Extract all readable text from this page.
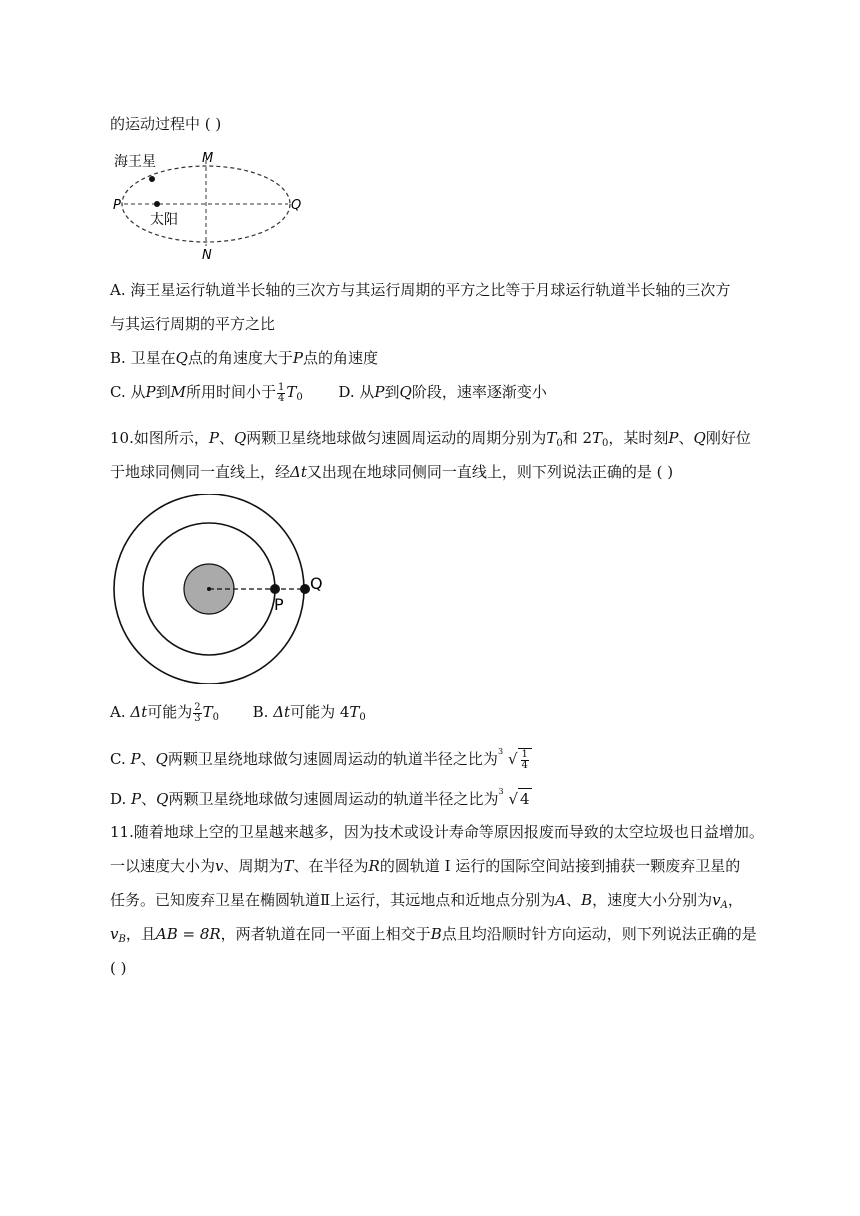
的运动过程中 ( )
海王星
太阳
M
N
P	Q
A. 海王星运行轨道半长轴的三次方与其运行周期的平方之比等于月球运行轨道半长轴的三次方
与其运行周期的平方之比
B. 卫星在Q点的角速度大于P点的角速度
C. 从P到M所用时间小于 $\frac{1}{4} T_0$ D. 从P到Q阶段，速率逐渐变小
10.如图所示，P、Q两颗卫星绕地球做匀速圆周运动的周期分别为$T_0$和 $2T_0$，某时刻P、Q刚好位
于地球同侧同一直线上，经Δt又出现在地球同侧同一直线上，则下列说法正确的是 ( )
P
Q
A. Δt可能为 $\frac{2}{3} T_0$ B. Δt可能为 $4T_0$
C. P、Q两颗卫星绕地球做匀速圆周运动的轨道半径之比为 3 √ $\frac{1}{4}$
D. P、Q两颗卫星绕地球做匀速圆周运动的轨道半径之比为 3 √ 4
11.随着地球上空的卫星越来越多，因为技术或设计寿命等原因报废而导致的太空垃圾也日益增加。
一以速度大小为v、周期为T、在半径为R的圆轨道 I 运行的国际空间站接到捕获一颗废弃卫星的
任务。已知废弃卫星在椭圆轨道Ⅱ上运行，其远地点和近地点分别为A、B，速度大小分别为$v_A$，
$v_B$，且AB = 8R，两者轨道在同一平面上相交于B点且均沿顺时针方向运动，则下列说法正确的是
( )
